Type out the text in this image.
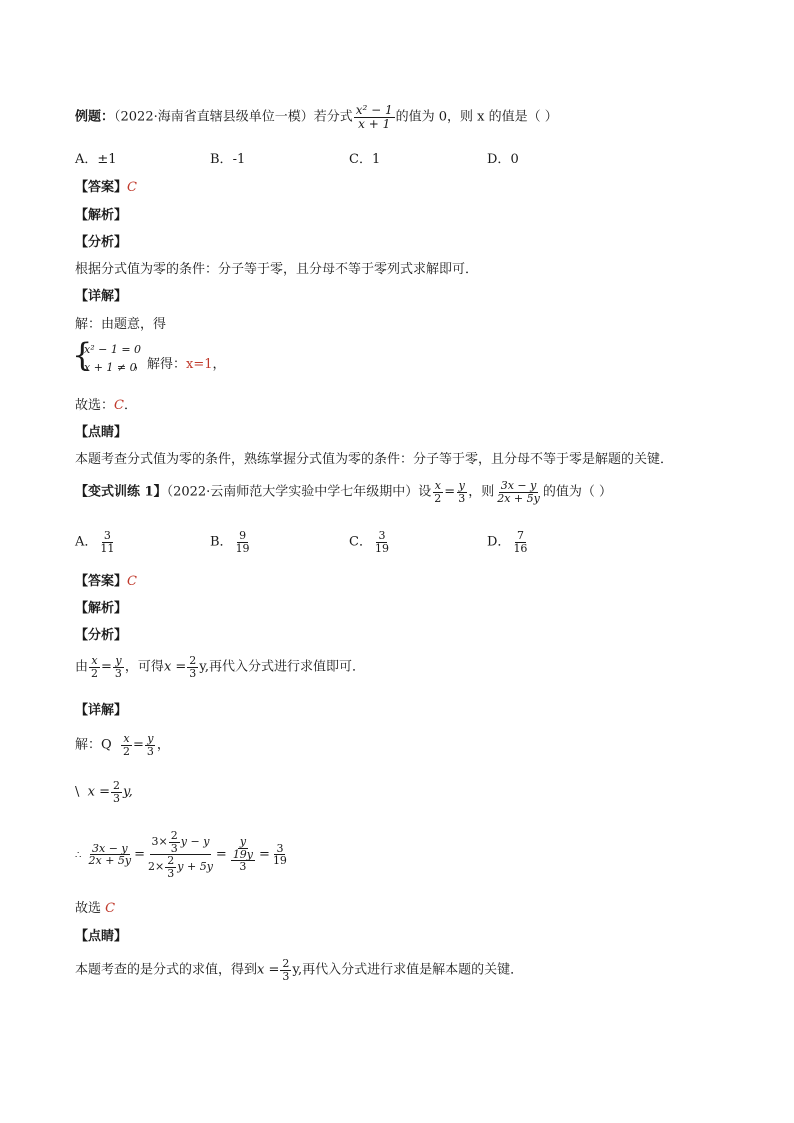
例题：（2022·海南省直辖县级单位一模）若分式 $\frac{\text{x² − 1}}{x + 1}$ 的值为 0，则 x 的值是（ ）
A．±1	B．-1	C．1	D．0
【答案】C
【解析】
【分析】
根据分式值为零的条件：分子等于零，且分母不等于零列式求解即可．
【详解】
解：由题意，得
{
x² − 1 = 0
x + 1 ≠ 0
，解得：x=1，
故选：C．
【点睛】
本题考查分式值为零的条件，熟练掌握分式值为零的条件：分子等于零，且分母不等于零是解题的关键．
【变式训练 1】（2022·云南师范大学实验中学七年级期中）设 $\frac{x}{2} = \frac{y}{3}$ ，则 $\frac{3x - y}{2x + 5y}$ 的值为（ ）
A． $\frac{3}{11}$	B． $\frac{9}{19}$	C． $\frac{3}{19}$	D． $\frac{7}{16}$
【答案】C
【解析】
【分析】
由 $\frac{x}{2} = \frac{y}{3}$ ，可得$x = \frac{2}{3} y$,再代入分式进行求值即可．
【详解】
解：Q $\frac{x}{2} = \frac{y}{3}$ ，
\ $x = \frac{2}{3} y$,
∴ $\frac{3x - y}{2x + 5y} = \frac{3\times \frac{2}{3} y - y}{2\times \frac{2}{3} y + 5y} = \frac{y}{\frac{19y}{3}} = \frac{3}{19}$
故选 C
【点睛】
本题考查的是分式的求值，得到$x = \frac{2}{3} y$,再代入分式进行求值是解本题的关键．
